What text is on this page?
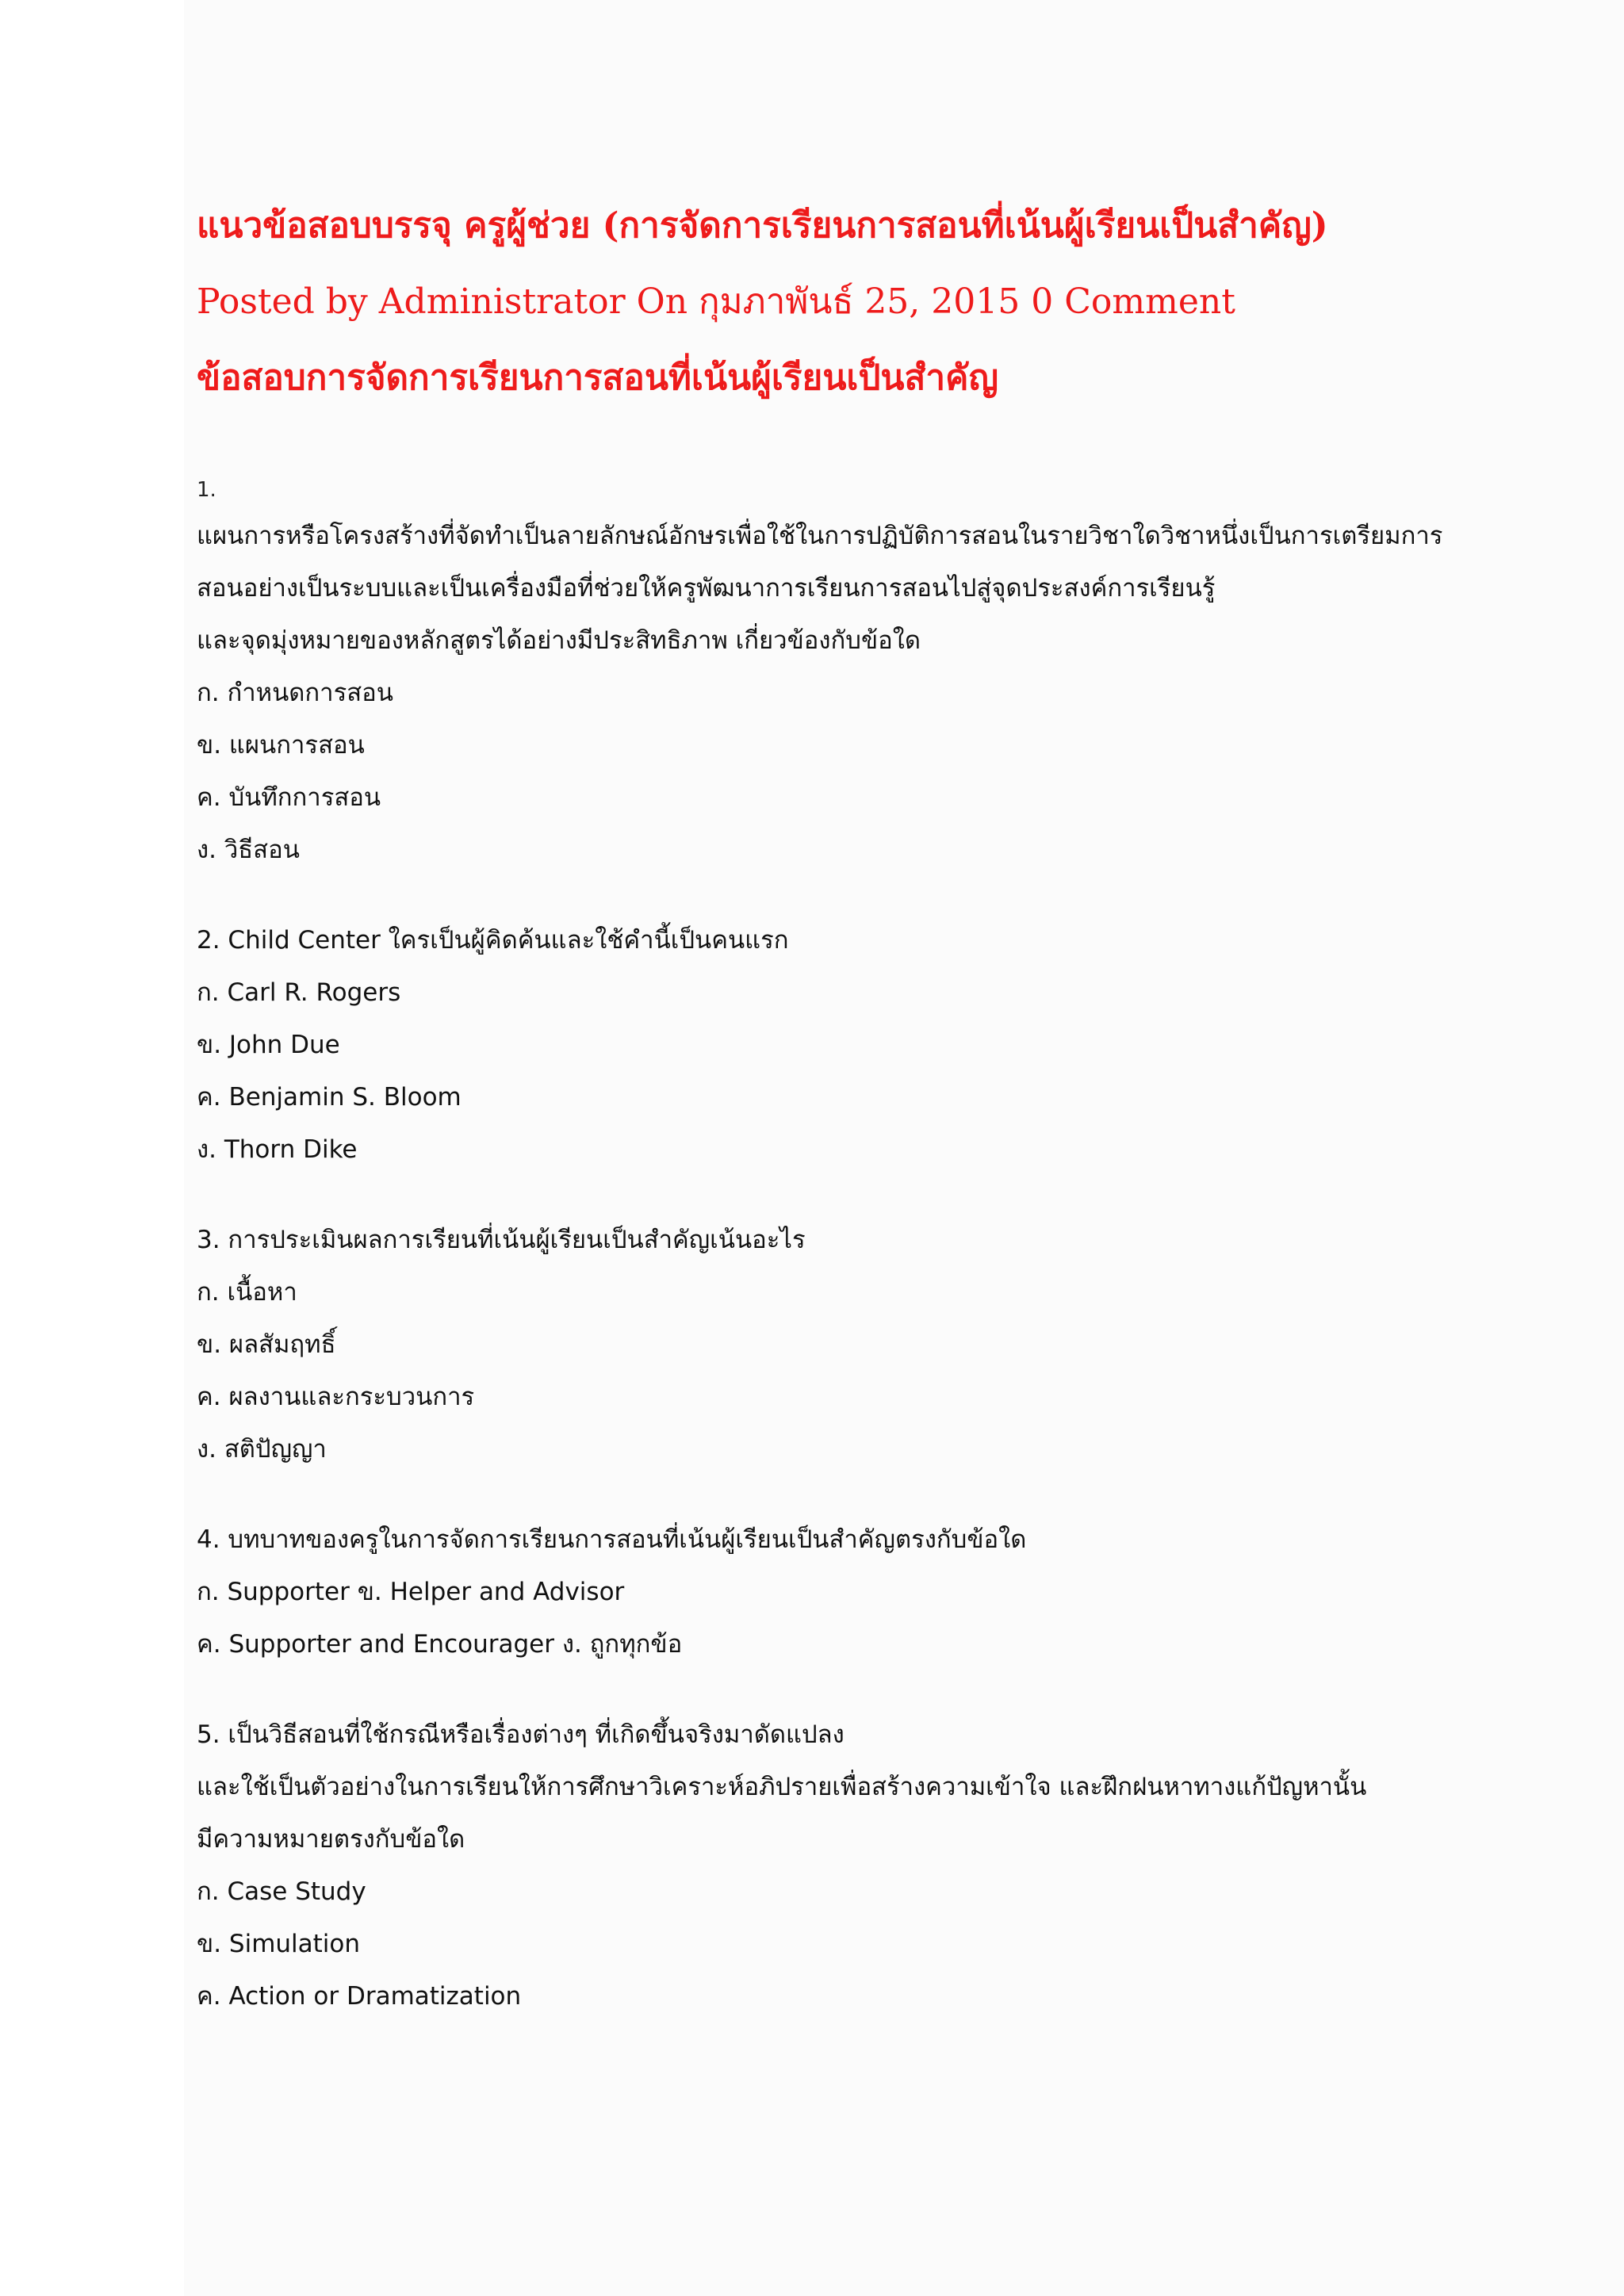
แนวข้อสอบบรรจุ ครูผู้ช่วย (การจัดการเรียนการสอนที่เน้นผู้เรียนเป็นสำคัญ)
Posted by Administrator On กุมภาพันธ์ 25, 2015 0 Comment
ข้อสอบการจัดการเรียนการสอนที่เน้นผู้เรียนเป็นสำคัญ
1.
แผนการหรือโครงสร้างที่จัดทำเป็นลายลักษณ์อักษรเพื่อใช้ในการปฏิบัติการสอนในรายวิชาใดวิชาหนึ่งเป็นการเตรียมการ
สอนอย่างเป็นระบบและเป็นเครื่องมือที่ช่วยให้ครูพัฒนาการเรียนการสอนไปสู่จุดประสงค์การเรียนรู้
และจุดมุ่งหมายของหลักสูตรได้อย่างมีประสิทธิภาพ เกี่ยวข้องกับข้อใด
ก. กำหนดการสอน
ข. แผนการสอน
ค. บันทึกการสอน
ง. วิธีสอน
2. Child Center ใครเป็นผู้คิดค้นและใช้คำนี้เป็นคนแรก
ก. Carl R. Rogers
ข. John Due
ค. Benjamin S. Bloom
ง. Thorn Dike
3. การประเมินผลการเรียนที่เน้นผู้เรียนเป็นสำคัญเน้นอะไร
ก. เนื้อหา
ข. ผลสัมฤทธิ์
ค. ผลงานและกระบวนการ
ง. สติปัญญา
4. บทบาทของครูในการจัดการเรียนการสอนที่เน้นผู้เรียนเป็นสำคัญตรงกับข้อใด
ก. Supporter ข. Helper and Advisor
ค. Supporter and Encourager ง. ถูกทุกข้อ
5. เป็นวิธีสอนที่ใช้กรณีหรือเรื่องต่างๆ ที่เกิดขึ้นจริงมาดัดแปลง
และใช้เป็นตัวอย่างในการเรียนให้การศึกษาวิเคราะห์อภิปรายเพื่อสร้างความเข้าใจ และฝึกฝนหาทางแก้ปัญหานั้น
มีความหมายตรงกับข้อใด
ก. Case Study
ข. Simulation
ค. Action or Dramatization
